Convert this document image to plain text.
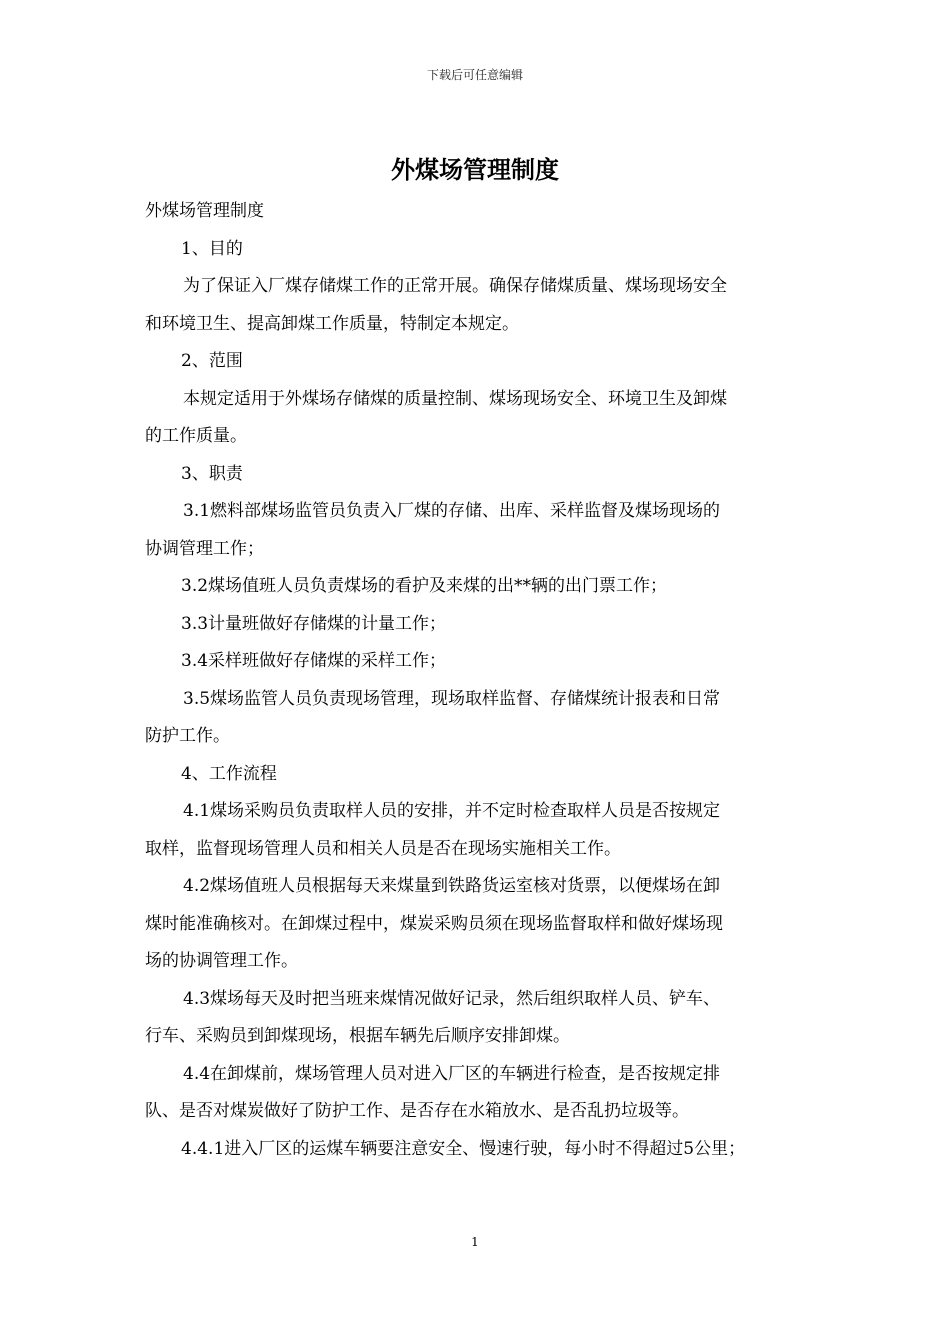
下载后可任意编辑
外煤场管理制度

外煤场管理制度

1、目的

为了保证入厂煤存储煤工作的正常开展。确保存储煤质量、煤场现场安全

和环境卫生、提高卸煤工作质量，特制定本规定。

2、范围

本规定适用于外煤场存储煤的质量控制、煤场现场安全、环境卫生及卸煤

的工作质量。

3、职责

3.1燃料部煤场监管员负责入厂煤的存储、出库、采样监督及煤场现场的

协调管理工作；

3.2煤场值班人员负责煤场的看护及来煤的出**辆的出门票工作；

3.3计量班做好存储煤的计量工作；

3.4采样班做好存储煤的采样工作；

3.5煤场监管人员负责现场管理，现场取样监督、存储煤统计报表和日常

防护工作。

4、工作流程

4.1煤场采购员负责取样人员的安排，并不定时检查取样人员是否按规定

取样，监督现场管理人员和相关人员是否在现场实施相关工作。

4.2煤场值班人员根据每天来煤量到铁路货运室核对货票，以便煤场在卸

煤时能准确核对。在卸煤过程中，煤炭采购员须在现场监督取样和做好煤场现

场的协调管理工作。

4.3煤场每天及时把当班来煤情况做好记录，然后组织取样人员、铲车、

行车、采购员到卸煤现场，根据车辆先后顺序安排卸煤。

4.4在卸煤前，煤场管理人员对进入厂区的车辆进行检查，是否按规定排

队、是否对煤炭做好了防护工作、是否存在水箱放水、是否乱扔垃圾等。

4.4.1进入厂区的运煤车辆要注意安全、慢速行驶，每小时不得超过5公里；

1
